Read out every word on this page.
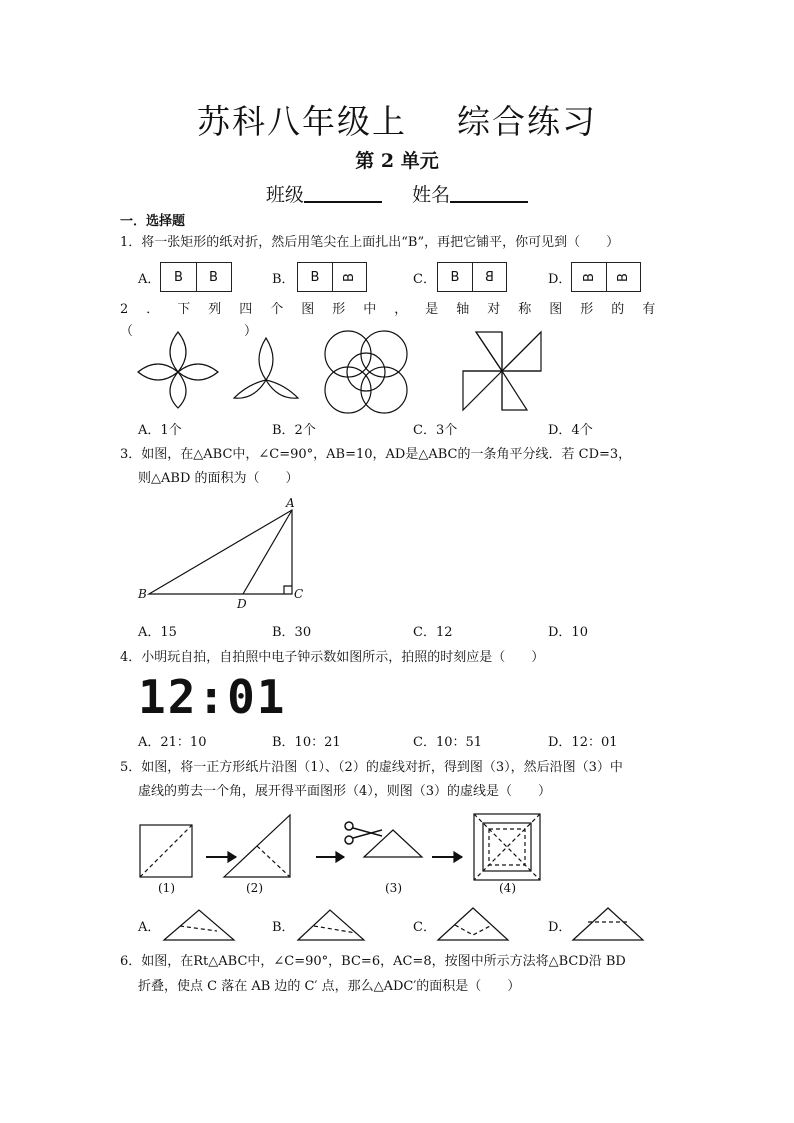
苏科八年级上 综合练习
第 2 单元
班级	姓名
一．选择题
1．将一张矩形的纸对折，然后用笔尖在上面扎出“B”，再把它铺平，你可见到（　　）
A． B B	B． B B	C． B B	D． B B
2．下列四个图形中，是轴对称图形的有（　　　）
A．1个	B．2个	C．3个	D．4个
3．如图，在△ABC中，∠C=90°，AB=10，AD是△ABC的一条角平分线．若 CD=3，
则△ABD 的面积为（　　）
A
B	C
D
A．15	B．30	C．12	D．10
4．小明玩自拍，自拍照中电子钟示数如图所示，拍照的时刻应是（　　）
12:01
A．21：10	B．10：21	C．10：51	D．12：01
5．如图，将一正方形纸片沿图（1）、（2）的虚线对折，得到图（3），然后沿图（3）中
虚线的剪去一个角，展开得平面图形（4），则图（3）的虚线是（　　）
(1)	(2)	(3)	(4)
A．	B．	C．	D．
6．如图，在Rt△ABC中，∠C=90°，BC=6，AC=8，按图中所示方法将△BCD沿 BD
折叠，使点 C 落在 AB 边的 C′ 点，那么△ADC′的面积是（　　）
